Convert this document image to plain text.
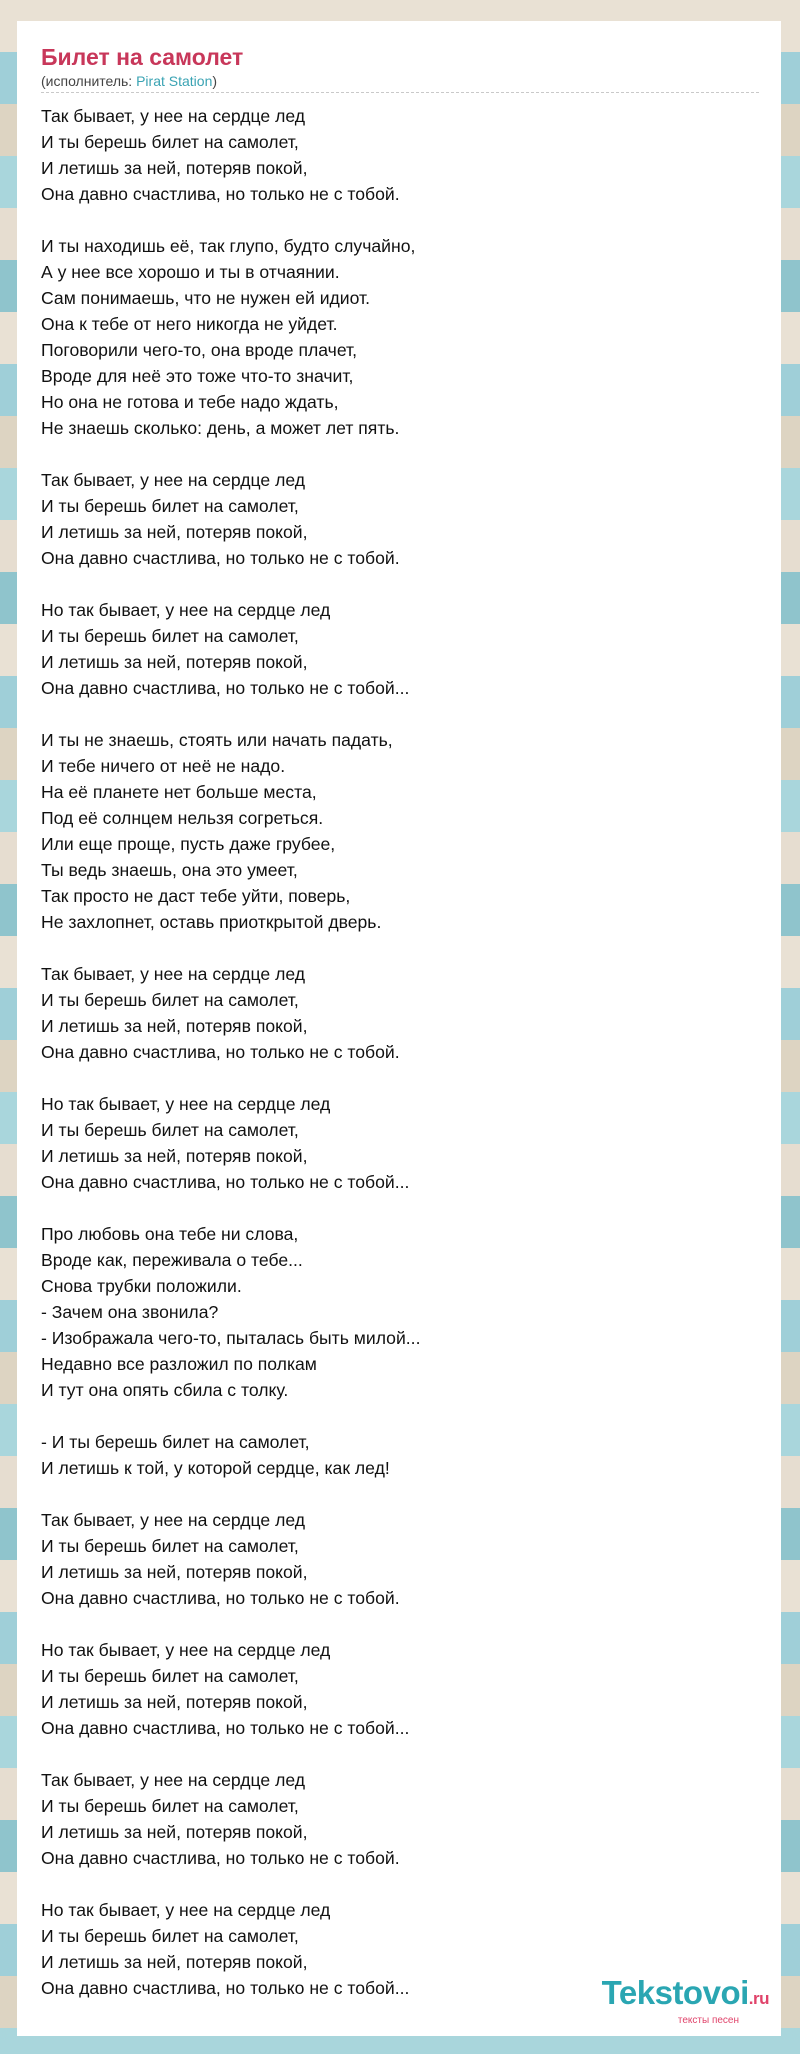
Билет на самолет
(исполнитель: Pirat Station)
Так бывает, у нее на сердце лед
И ты берешь билет на самолет,
И летишь за ней, потеряв покой,
Она давно счастлива, но только не с тобой.
И ты находишь её, так глупо, будто случайно,
А у нее все хорошо и ты в отчаянии.
Сам понимаешь, что не нужен ей идиот.
Она к тебе от него никогда не уйдет.
Поговорили чего-то, она вроде плачет,
Вроде для неё это тоже что-то значит,
Но она не готова и тебе надо ждать,
Не знаешь сколько: день, а может лет пять.
Так бывает, у нее на сердце лед
И ты берешь билет на самолет,
И летишь за ней, потеряв покой,
Она давно счастлива, но только не с тобой.
Но так бывает, у нее на сердце лед
И ты берешь билет на самолет,
И летишь за ней, потеряв покой,
Она давно счастлива, но только не с тобой...
И ты не знаешь, стоять или начать падать,
И тебе ничего от неё не надо.
На её планете нет больше места,
Под её солнцем нельзя согреться.
Или еще проще, пусть даже грубее,
Ты ведь знаешь, она это умеет,
Так просто не даст тебе уйти, поверь,
Не захлопнет, оставь приоткрытой дверь.
Так бывает, у нее на сердце лед
И ты берешь билет на самолет,
И летишь за ней, потеряв покой,
Она давно счастлива, но только не с тобой.
Но так бывает, у нее на сердце лед
И ты берешь билет на самолет,
И летишь за ней, потеряв покой,
Она давно счастлива, но только не с тобой...
Про любовь она тебе ни слова,
Вроде как, переживала о тебе...
Снова трубки положили.
- Зачем она звонила?
- Изображала чего-то, пыталась быть милой...
Недавно все разложил по полкам
И тут она опять сбила с толку.
- И ты берешь билет на самолет,
И летишь к той, у которой сердце, как лед!
Так бывает, у нее на сердце лед
И ты берешь билет на самолет,
И летишь за ней, потеряв покой,
Она давно счастлива, но только не с тобой.
Но так бывает, у нее на сердце лед
И ты берешь билет на самолет,
И летишь за ней, потеряв покой,
Она давно счастлива, но только не с тобой...
Так бывает, у нее на сердце лед
И ты берешь билет на самолет,
И летишь за ней, потеряв покой,
Она давно счастлива, но только не с тобой.
Но так бывает, у нее на сердце лед
И ты берешь билет на самолет,
И летишь за ней, потеряв покой,
Она давно счастлива, но только не с тобой...	Tekstovoi.ru
тексты песен
